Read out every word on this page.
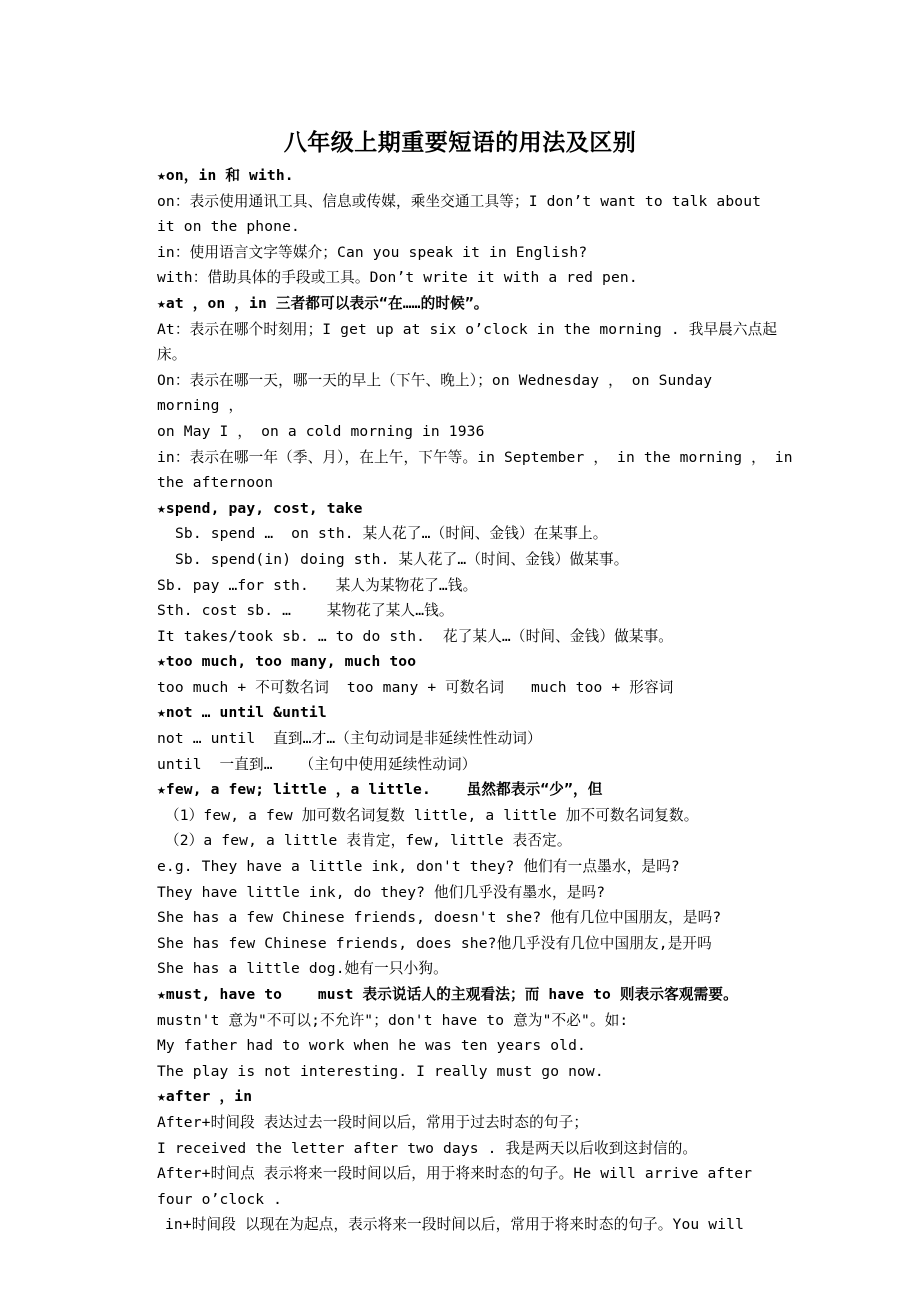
八年级上期重要短语的用法及区别
★on，in 和 with.
on：表示使用通讯工具、信息或传媒，乘坐交通工具等；I don’t want to talk about
it on the phone.
in：使用语言文字等媒介；Can you speak it in English?
with：借助具体的手段或工具。Don’t write it with a red pen.
★at ，on ，in 三者都可以表示“在……的时候”。
At：表示在哪个时刻用；I get up at six o’clock in the morning . 我早晨六点起
床。
On：表示在哪一天，哪一天的早上（下午、晚上）；on Wednesday ， on Sunday
morning ，
on May I ， on a cold morning in 1936
in：表示在哪一年（季、月），在上午，下午等。in September ， in the morning ， in
the afternoon
★spend, pay, cost, take
Sb. spend …  on sth. 某人花了…（时间、金钱）在某事上。
Sb. spend(in) doing sth. 某人花了…（时间、金钱）做某事。
Sb. pay …for sth.   某人为某物花了…钱。
Sth. cost sb. …    某物花了某人…钱。
It takes/took sb. … to do sth.  花了某人…（时间、金钱）做某事。
★too much, too many, much too
too much + 不可数名词  too many + 可数名词   much too + 形容词
★not … until &until
not … until  直到…才…（主句动词是非延续性性动词）
until  一直到…   （主句中使用延续性动词）
★few, a few; little ，a little.    虽然都表示“少”，但
（1）few, a few 加可数名词复数 little, a little 加不可数名词复数。
（2）a few, a little 表肯定，few, little 表否定。
e.g. They have a little ink, don't they? 他们有一点墨水，是吗?
They have little ink, do they? 他们几乎没有墨水，是吗?
She has a few Chinese friends, doesn't she? 他有几位中国朋友，是吗?
She has few Chinese friends, does she?他几乎没有几位中国朋友,是开吗
She has a little dog.她有一只小狗。
★must, have to    must 表示说话人的主观看法；而 have to 则表示客观需要。
mustn't 意为"不可以;不允许"；don't have to 意为"不必"。如:
My father had to work when he was ten years old.
The play is not interesting. I really must go now.
★after ，in
After+时间段 表达过去一段时间以后，常用于过去时态的句子；
I received the letter after two days . 我是两天以后收到这封信的。
After+时间点 表示将来一段时间以后，用于将来时态的句子。He will arrive after
four o’clock .
in+时间段 以现在为起点，表示将来一段时间以后，常用于将来时态的句子。You will
